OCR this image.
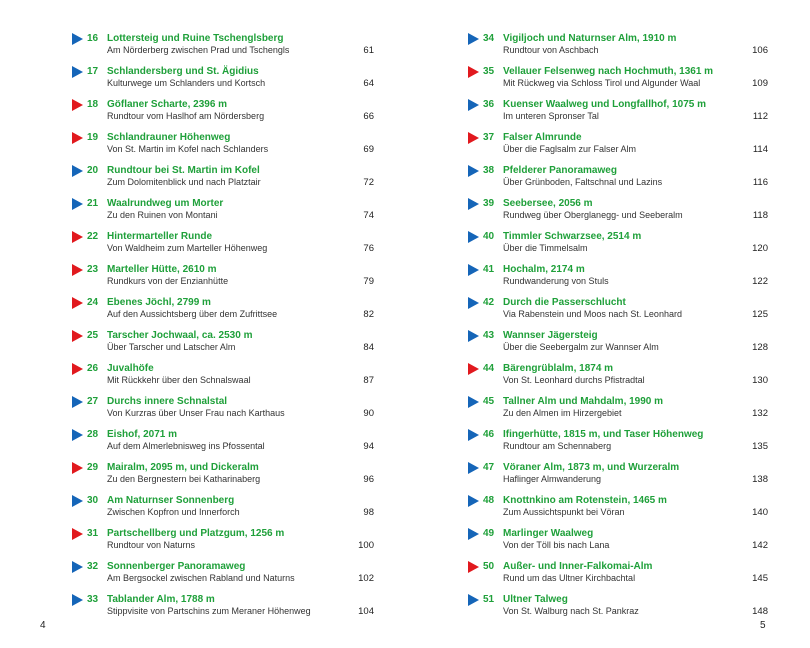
16 Lottersteig und Ruine Tschenglsberg
Am Nörderberg zwischen Prad und Tschengls	61
17 Schlandersberg und St. Ägidius
Kulturwege um Schlanders und Kortsch	64
18 Göflaner Scharte, 2396 m
Rundtour vom Haslhof am Nördersberg	66
19 Schlandrauner Höhenweg
Von St. Martin im Kofel nach Schlanders	69
20 Rundtour bei St. Martin im Kofel
Zum Dolomitenblick und nach Platztair	72
21 Waalrundweg um Morter
Zu den Ruinen von Montani	74
22 Hintermarteller Runde
Von Waldheim zum Marteller Höhenweg	76
23 Marteller Hütte, 2610 m
Rundkurs von der Enzianhütte	79
24 Ebenes Jöchl, 2799 m
Auf den Aussichtsberg über dem Zufrittsee	82
25 Tarscher Jochwaal, ca. 2530 m
Über Tarscher und Latscher Alm	84
26 Juvalhöfe
Mit Rückkehr über den Schnalswaal	87
27 Durchs innere Schnalstal
Von Kurzras über Unser Frau nach Karthaus	90
28 Eishof, 2071 m
Auf dem Almerlebnisweg ins Pfossental	94
29 Mairalm, 2095 m, und Dickeralm
Zu den Bergnestern bei Katharinaberg	96
30 Am Naturnser Sonnenberg
Zwischen Kopfron und Innerforch	98
31 Partschellberg und Platzgum, 1256 m
Rundtour von Naturns	100
32 Sonnenberger Panoramaweg
Am Bergsockel zwischen Rabland und Naturns	102
33 Tablander Alm, 1788 m
Stippvisite von Partschins zum Meraner Höhenweg	104
34 Vigiljoch und Naturnser Alm, 1910 m
Rundtour von Aschbach	106
35 Vellauer Felsenweg nach Hochmuth, 1361 m
Mit Rückweg via Schloss Tirol und Algunder Waal	109
36 Kuenser Waalweg und Longfallhof, 1075 m
Im unteren Spronser Tal	112
37 Falser Almrunde
Über die Faglsalm zur Falser Alm	114
38 Pfelderer Panoramaweg
Über Grünboden, Faltschnal und Lazins	116
39 Seebersee, 2056 m
Rundweg über Oberglanegg- und Seeberalm	118
40 Timmler Schwarzsee, 2514 m
Über die Timmelsalm	120
41 Hochalm, 2174 m
Rundwanderung von Stuls	122
42 Durch die Passerschlucht
Via Rabenstein und Moos nach St. Leonhard	125
43 Wannser Jägersteig
Über die Seebergalm zur Wannser Alm	128
44 Bärengrüblalm, 1874 m
Von St. Leonhard durchs Pfistradtal	130
45 Tallner Alm und Mahdalm, 1990 m
Zu den Almen im Hirzergebiet	132
46 Ifingerhütte, 1815 m, und Taser Höhenweg
Rundtour am Schennaberg	135
47 Vöraner Alm, 1873 m, und Wurzeralm
Haflinger Almwanderung	138
48 Knottnkino am Rotenstein, 1465 m
Zum Aussichtspunkt bei Vöran	140
49 Marlinger Waalweg
Von der Töll bis nach Lana	142
50 Außer- und Inner-Falkomai-Alm
Rund um das Ultner Kirchbachtal	145
51 Ultner Talweg
Von St. Walburg nach St. Pankraz	148
4	5
